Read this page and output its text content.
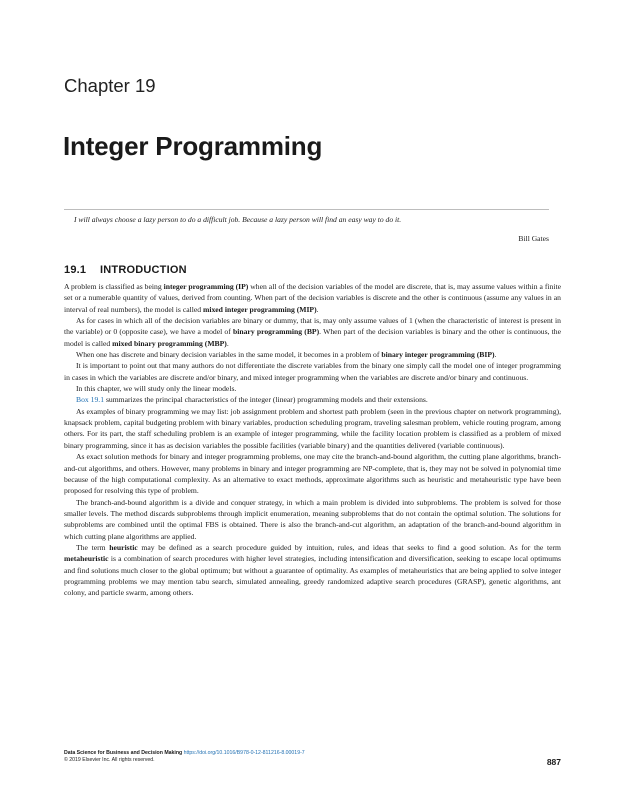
Chapter 19
Integer Programming
I will always choose a lazy person to do a difficult job. Because a lazy person will find an easy way to do it.
Bill Gates
19.1 INTRODUCTION

A problem is classified as being integer programming (IP) when all of the decision variables of the model are discrete, that is, may assume values within a finite set or a numerable quantity of values, derived from counting. When part of the decision variables is discrete and the other is continuous (assume any values in an interval of real numbers), the model is called mixed integer programming (MIP).

As for cases in which all of the decision variables are binary or dummy, that is, may only assume values of 1 (when the characteristic of interest is present in the variable) or 0 (opposite case), we have a model of binary programming (BP). When part of the decision variables is binary and the other is continuous, the model is called mixed binary programming (MBP).

When one has discrete and binary decision variables in the same model, it becomes in a problem of binary integer programming (BIP).

It is important to point out that many authors do not differentiate the discrete variables from the binary one simply call the model one of integer programming in cases in which the variables are discrete and/or binary, and mixed integer programming when the variables are discrete and/or binary and continuous.

In this chapter, we will study only the linear models.

Box 19.1 summarizes the principal characteristics of the integer (linear) programming models and their extensions.

As examples of binary programming we may list: job assignment problem and shortest path problem (seen in the previous chapter on network programming), knapsack problem, capital budgeting problem with binary variables, production scheduling program, traveling salesman problem, vehicle routing program, among others. For its part, the staff scheduling problem is an example of integer programming, while the facility location problem is classified as a problem of mixed binary programming, since it has as decision variables the possible facilities (variable binary) and the quantities delivered (variable continuous).

As exact solution methods for binary and integer programming problems, one may cite the branch-and-bound algorithm, the cutting plane algorithms, branch-and-cut algorithms, and others. However, many problems in binary and integer programming are NP-complete, that is, they may not be solved in polynomial time because of the high computational complexity. As an alternative to exact methods, approximate algorithms such as heuristic and metaheuristic type have been proposed for resolving this type of problem.

The branch-and-bound algorithm is a divide and conquer strategy, in which a main problem is divided into subproblems. The problem is solved for those smaller levels. The method discards subproblems through implicit enumeration, meaning subproblems that do not contain the optimal solution. The solutions for subproblems are combined until the optimal FBS is obtained. There is also the branch-and-cut algorithm, an adaptation of the branch-and-bound algorithm in which cutting plane algorithms are applied.

The term heuristic may be defined as a search procedure guided by intuition, rules, and ideas that seeks to find a good solution. As for the term metaheuristic is a combination of search procedures with higher level strategies, including intensification and diversification, seeking to escape local optimums and find solutions much closer to the global optimum; but without a guarantee of optimality. As examples of metaheuristics that are being applied to solve integer programming problems we may mention tabu search, simulated annealing, greedy randomized adaptive search procedures (GRASP), genetic algorithms, ant colony, and particle swarm, among others.

Data Science for Business and Decision Making https://doi.org/10.1016/B978-0-12-811216-8.00019-7
© 2019 Elsevier Inc. All rights reserved.	887
